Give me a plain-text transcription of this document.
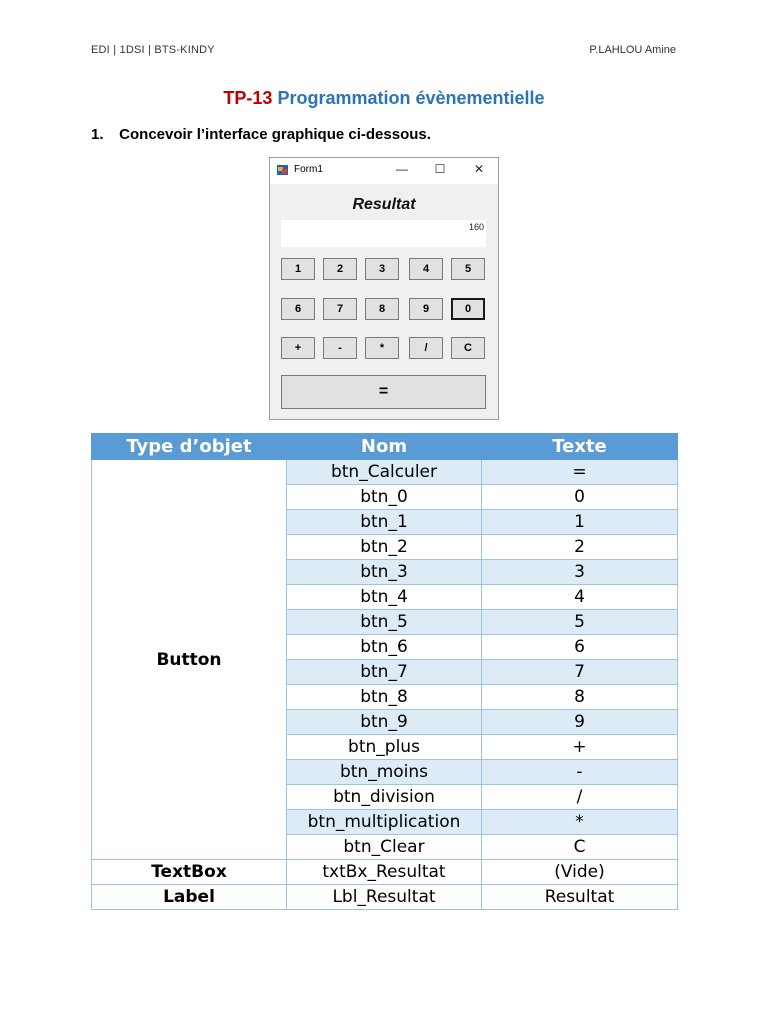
EDI | 1DSI | BTS-KINDY	P.LAHLOU Amine
TP-13 Programmation évènementielle
1. Concevoir l’interface graphique ci-dessous.
Form1	—	☐	✕
Resultat
160
1	2	3	4	5
6	7	8	9	0
+	-	*	/	C
=
Type d’objet	Nom	Texte
Button	btn_Calculer	=
	btn_0	0
	btn_1	1
	btn_2	2
	btn_3	3
	btn_4	4
	btn_5	5
	btn_6	6
	btn_7	7
	btn_8	8
	btn_9	9
	btn_plus	+
	btn_moins	-
	btn_division	/
	btn_multiplication	*
	btn_Clear	C
TextBox	txtBx_Resultat	(Vide)
Label	Lbl_Resultat	Resultat
